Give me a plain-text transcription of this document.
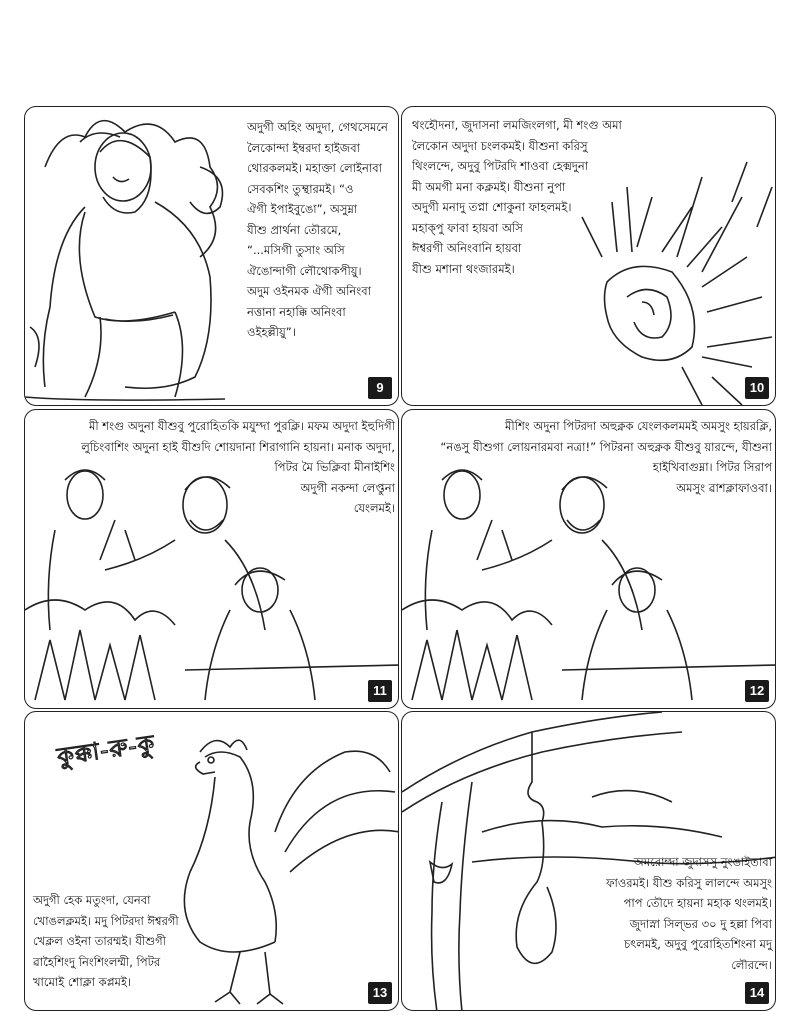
অদুগী অহিং অদুদা, গেথসেমনে
লৈকোন্দা ইম্বরদা হাইজবা
থোরকলমই। মহাক্তা লোইনাবা
সেবকশিং তুম্থারমই। “ও
ঐগী ইপাইবুঙো”, অসুম্না
যীশু প্রার্থনা তৌরমে,
“...মসিগী তুসাং অসি
ঐঙোন্দাগী লৌথোকপীয়ু।
অদুম ওইনমক ঐগী অনিংবা
নত্তানা নহাক্কি অনিংবা
ওইহল্লীয়ু”।
9
থংহৌদনা, জুদাসনা লমজিংলগা, মী শংগু অমা
লৈকোন অদুদা চংলকমই। যীশুনা করিসু
থিংলন্দে, অদুবু পিটরদি শাওবা হেক্মদুনা
মী অমগী মনা কক্লমই। যীশুনা নুপা
অদুগী মনাদু তপ্না শোকুনা ফাহলমই।
মহাক্পু ফাবা হায়বা অসি
ঈশ্বরগী অনিংবানি হায়বা
যীশু মশানা থংজারমই।
10
মী শংগু অদুনা যীশুবু পুরোহিতকি মযুম্দা পুরক্লি। মফম অদুদা ইহুদিগী
লুচিংবাশিং অদুনা হাই যীশুদি শোয়দানা শিরাগানি হায়না। মনাক অদুদা,
পিটর মৈ ভিক্লিবা মীনাইশিং
অদুগী নকন্দা লেপ্তুনা
যেংলমই।
11
মীশিং অদুনা পিটরদা অহুক্নক যেংলকলমমই অমসুং হায়রক্লি,
“নঙসু যীশুগা লোয়নারমবা নত্রা!” পিটরনা অহুক্নক যীশুবু য়ারন্দে, যীশুনা
হাইখিবাগুম্না। পিটর সিরাপ
অমসুং ৱাশক্লাফাওবা।
12
কুক্কা-রু-কু
অদুগী হেক মতুংদা, যেনবা
খোঙলক্লমই। মদু পিটরদা ঈশ্বরগী
খেক্লল ওইনা তারম্মই। যীশুগী
ৱাহৈশিংদু নিংশিংলম্মী, পিটর
খামোই শোক্লা কপ্লমই।
13
অমরোম্দা জুদাসসু নুংঙাইতাবা
ফাওরমই। যীশু করিসু লালন্দে অমসুং
পাপ তৌদে হায়না মহাক থংলমই।
জুদাস্না সিল্ভর ৩০ দু হল্লা পিবা
চৎলমই, অদুবু পুরোহিতশিংনা মদু
লৌরন্দে।
14
